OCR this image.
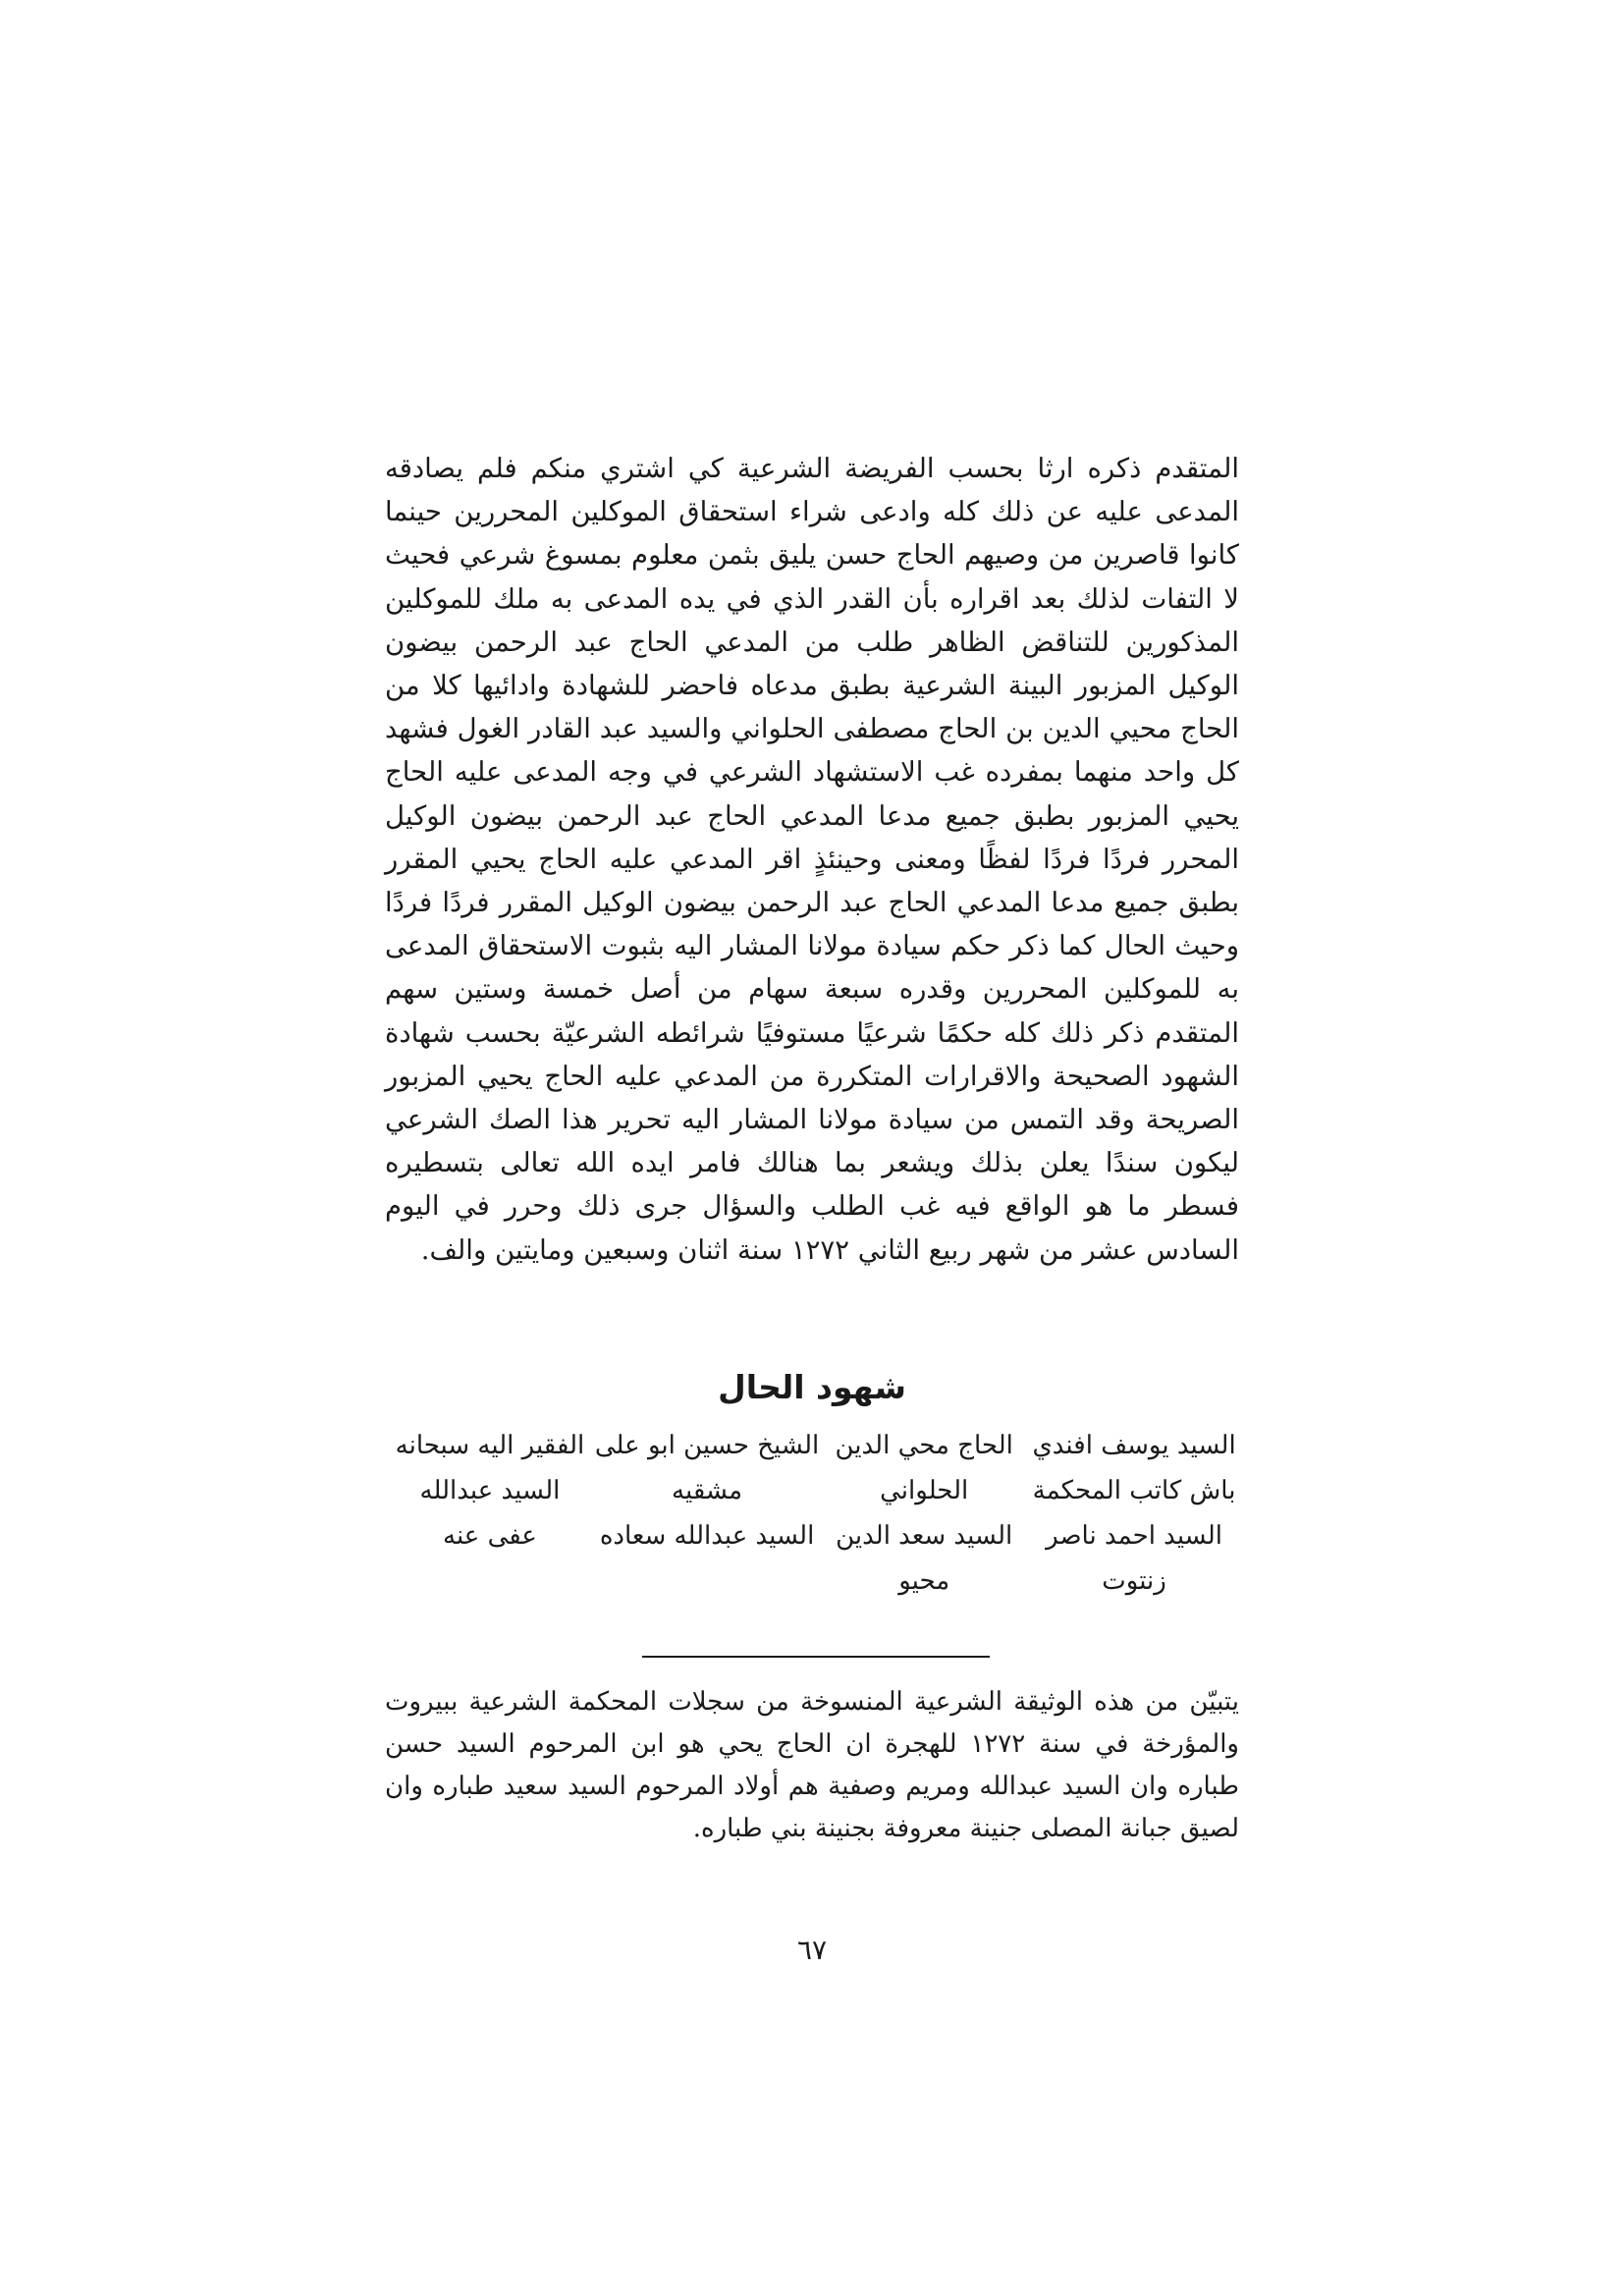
المتقدم ذكره ارثا بحسب الفريضة الشرعية كي اشتري منكم فلم يصادقه المدعى عليه عن ذلك كله وادعى شراء استحقاق الموكلين المحررين حينما كانوا قاصرين من وصيهم الحاج حسن يليق بثمن معلوم بمسوغ شرعي فحيث لا التفات لذلك بعد اقراره بأن القدر الذي في يده المدعى به ملك للموكلين المذكورين للتناقض الظاهر طلب من المدعي الحاج عبد الرحمن بيضون الوكيل المزبور البينة الشرعية بطبق مدعاه فاحضر للشهادة وادائيها كلا من الحاج محيي الدين بن الحاج مصطفى الحلواني والسيد عبد القادر الغول فشهد كل واحد منهما بمفرده غب الاستشهاد الشرعي في وجه المدعى عليه الحاج يحيي المزبور بطبق جميع مدعا المدعي الحاج عبد الرحمن بيضون الوكيل المحرر فردًا فردًا لفظًا ومعنى وحينئذٍ اقر المدعي عليه الحاج يحيي المقرر بطبق جميع مدعا المدعي الحاج عبد الرحمن بيضون الوكيل المقرر فردًا فردًا وحيث الحال كما ذكر حكم سيادة مولانا المشار اليه بثبوت الاستحقاق المدعى به للموكلين المحررين وقدره سبعة سهام من أصل خمسة وستين سهم المتقدم ذكر ذلك كله حكمًا شرعيًا مستوفيًا شرائطه الشرعيّة بحسب شهادة الشهود الصحيحة والاقرارات المتكررة من المدعي عليه الحاج يحيي المزبور الصريحة وقد التمس من سيادة مولانا المشار اليه تحرير هذا الصك الشرعي ليكون سندًا يعلن بذلك ويشعر بما هنالك فامر ايده الله تعالى بتسطيره فسطر ما هو الواقع فيه غب الطلب والسؤال جرى ذلك وحرر في اليوم السادس عشر من شهر ربيع الثاني ١٢٧٢ سنة اثنان وسبعين ومايتين والف.

شهود الحال
السيد يوسف افندي
الحاج محي الدين
الشيخ حسين ابو على
الفقير اليه سبحانه
باش كاتب المحكمة
الحلواني
مشقيه
السيد عبدالله
السيد احمد ناصر
السيد سعد الدين
السيد عبدالله سعاده
عفى عنه
زنتوت
محيو

يتبيّن من هذه الوثيقة الشرعية المنسوخة من سجلات المحكمة الشرعية ببيروت والمؤرخة في سنة ١٢٧٢ للهجرة ان الحاج يحي هو ابن المرحوم السيد حسن طباره وان السيد عبدالله ومريم وصفية هم أولاد المرحوم السيد سعيد طباره وان لصيق جبانة المصلى جنينة معروفة بجنينة بني طباره.

٦٧
